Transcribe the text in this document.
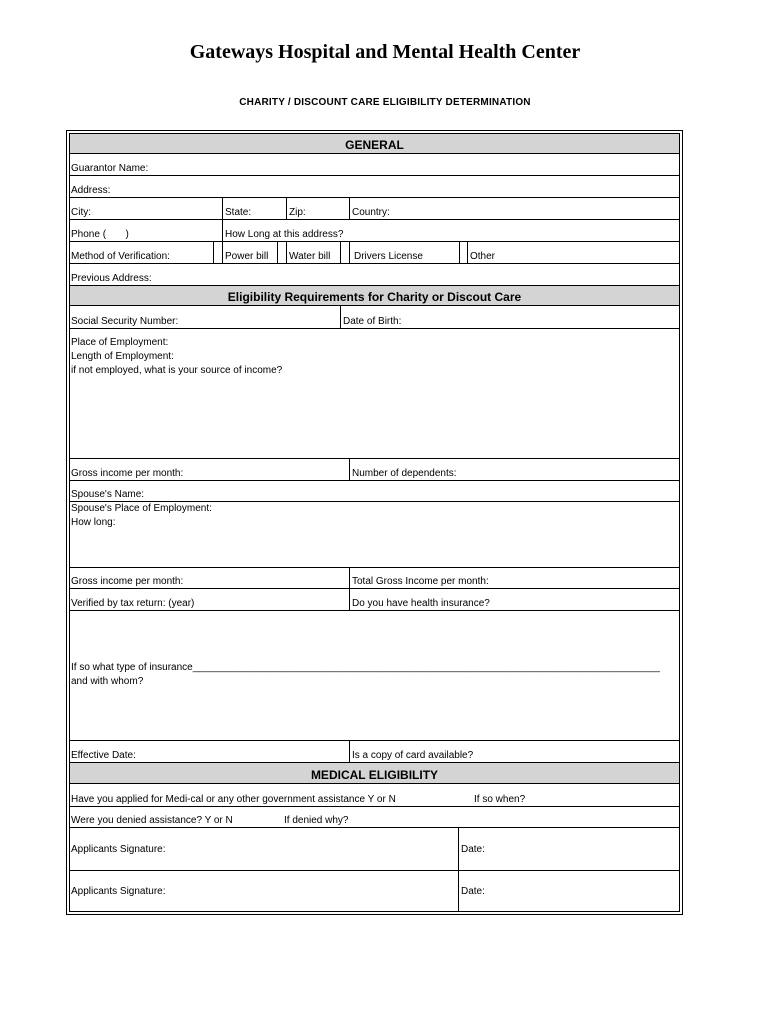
Gateways Hospital and Mental Health Center
CHARITY / DISCOUNT CARE ELIGIBILITY DETERMINATION
GENERAL
Guarantor Name:
Address:
City:	State:	Zip:	Country:
Phone (       )	How Long at this address?
Method of Verification:	Power bill Water bill Drivers License	Other
Previous Address:
Eligibility Requirements for Charity or Discout Care
Social Security Number:	Date of Birth:
Place of Employment:
Length of Employment:
if not employed, what is your source of income?
Gross income per month:	Number of dependents:
Spouse's Name:
Spouse's Place of Employment:
How long:
Gross income per month:	Total Gross Income per month:
Verified by tax return: (year)	Do you have health insurance?
If so what type of insurance____________________________________________________________________________________
and with whom?
Effective Date:	Is a copy of card available?
MEDICAL ELIGIBILITY
Have you applied for Medi-cal or any other government assistance Y or N	If so when?
Were you denied assistance? Y or N	If denied why?
Applicants Signature:	Date:
Applicants Signature:	Date:
